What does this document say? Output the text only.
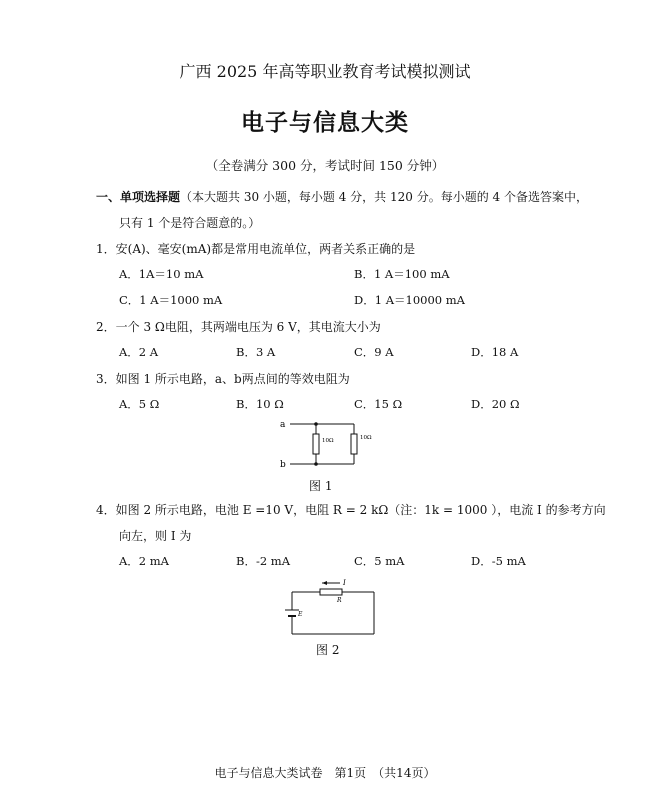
广西 2025 年高等职业教育考试模拟测试
电子与信息大类
（全卷满分 300 分，考试时间 150 分钟）
一、单项选择题（本大题共 30 小题，每小题 4 分，共 120 分。每小题的 4 个备选答案中，
只有 1 个是符合题意的。）
1．安(A)、毫安(mA)都是常用电流单位，两者关系正确的是
A．1A＝10 mA	B．1 A＝100 mA
C．1 A＝1000 mA	D．1 A＝10000 mA
2．一个 3 Ω电阻，其两端电压为 6 V，其电流大小为
A．2 A	B．3 A	C．9 A	D．18 A
3．如图 1 所示电路，a、b两点间的等效电阻为
A．5 Ω	B．10 Ω	C．15 Ω	D．20 Ω
a
b
10Ω	10Ω
图 1
4．如图 2 所示电路，电池 E =10 V，电阻 R = 2 kΩ（注：1k = 1000 ），电流 I 的参考方向
向左，则 I 为
A．2 mA	B．-2 mA	C．5 mA	D．-5 mA
I
R
E
图 2
电子与信息大类试卷　第1页　（共14页）
